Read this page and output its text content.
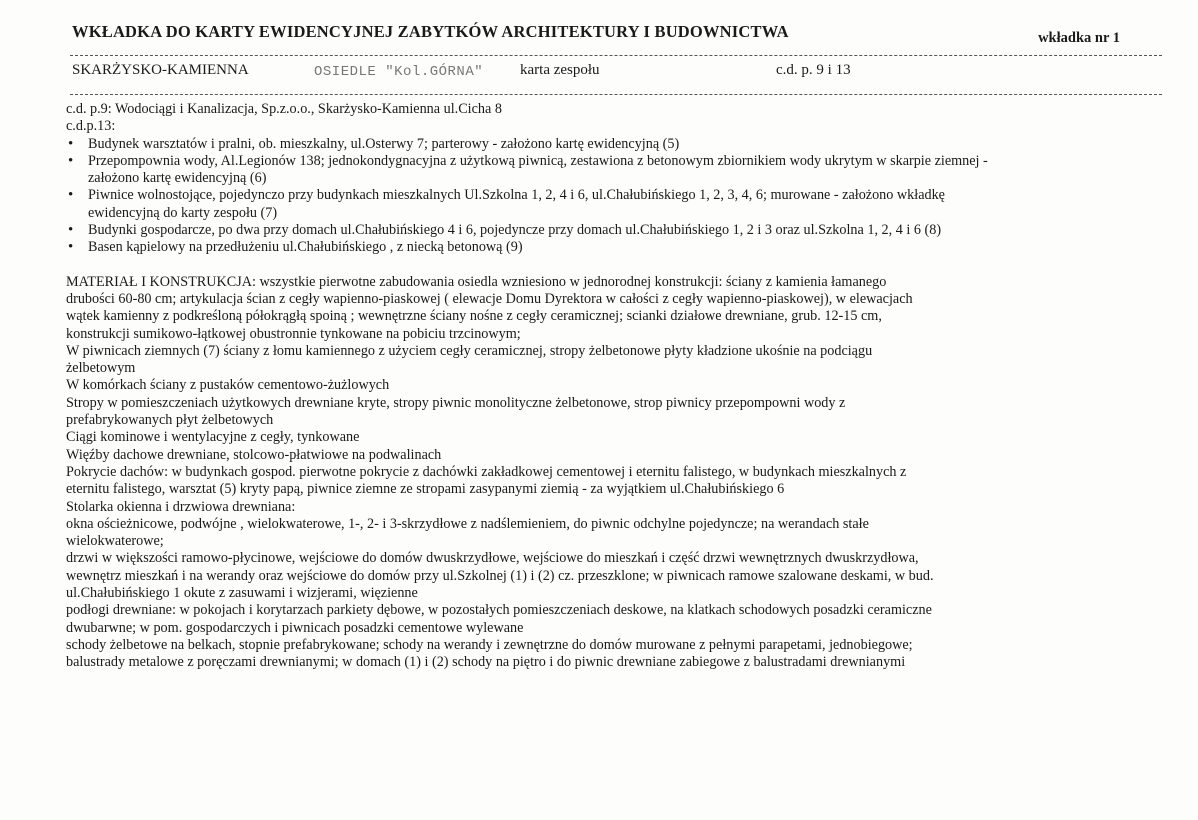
WKŁADKA DO KARTY EWIDENCYJNEJ ZABYTKÓW ARCHITEKTURY I BUDOWNICTWA	wkładka nr 1
SKARŻYSKO-KAMIENNA	OSIEDLE "Kol.GÓRNA" karta zespołu	c.d. p. 9 i 13

c.d. p.9: Wodociągi i Kanalizacja, Sp.z.o.o., Skarżysko-Kamienna ul.Cicha 8

c.d.p.13:

• Budynek warsztatów i pralni, ob. mieszkalny, ul.Osterwy 7; parterowy - założono kartę ewidencyjną (5)
• Przepompownia wody, Al.Legionów 138; jednokondygnacyjna z użytkową piwnicą, zestawiona z betonowym zbiornikiem wody ukrytym w skarpie ziemnej -
założono kartę ewidencyjną (6)
• Piwnice wolnostojące, pojedynczo przy budynkach mieszkalnych Ul.Szkolna 1, 2, 4 i 6, ul.Chałubińskiego 1, 2, 3, 4, 6; murowane - założono wkładkę
ewidencyjną do karty zespołu (7)
• Budynki gospodarcze, po dwa przy domach ul.Chałubińskiego 4 i 6, pojedyncze przy domach ul.Chałubińskiego 1, 2 i 3 oraz ul.Szkolna 1, 2, 4 i 6 (8)
• Basen kąpielowy na przedłużeniu ul.Chałubińskiego , z niecką betonową (9)

MATERIAŁ I KONSTRUKCJA: wszystkie pierwotne zabudowania osiedla wzniesiono w jednorodnej konstrukcji: ściany z kamienia łamanego

drubości 60-80 cm; artykulacja ścian z cegły wapienno-piaskowej ( elewacje Domu Dyrektora w całości z cegły wapienno-piaskowej), w elewacjach

wątek kamienny z podkreśloną półokrągłą spoiną ; wewnętrzne ściany nośne z cegły ceramicznej; scianki działowe drewniane, grub. 12-15 cm,

konstrukcji sumikowo-łątkowej obustronnie tynkowane na pobiciu trzcinowym;

W piwnicach ziemnych (7) ściany z łomu kamiennego z użyciem cegły ceramicznej, stropy żelbetonowe płyty kładzione ukośnie na podciągu

żelbetowym

W komórkach ściany z pustaków cementowo-żużlowych

Stropy w pomieszczeniach użytkowych drewniane kryte, stropy piwnic monolityczne żelbetonowe, strop piwnicy przepompowni wody z

prefabrykowanych płyt żelbetowych

Ciągi kominowe i wentylacyjne z cegły, tynkowane

Więźby dachowe drewniane, stolcowo-płatwiowe na podwalinach

Pokrycie dachów: w budynkach gospod. pierwotne pokrycie z dachówki zakładkowej cementowej i eternitu falistego, w budynkach mieszkalnych z

eternitu falistego, warsztat (5) kryty papą, piwnice ziemne ze stropami zasypanymi ziemią - za wyjątkiem ul.Chałubińskiego 6

Stolarka okienna i drzwiowa drewniana:

okna ościeżnicowe, podwójne , wielokwaterowe, 1-, 2- i 3-skrzydłowe z nadślemieniem, do piwnic odchylne pojedyncze; na werandach stałe

wielokwaterowe;

drzwi w większości ramowo-płycinowe, wejściowe do domów dwuskrzydłowe, wejściowe do mieszkań i część drzwi wewnętrznych dwuskrzydłowa,

wewnętrz mieszkań i na werandy oraz wejściowe do domów przy ul.Szkolnej (1) i (2) cz. przeszklone; w piwnicach ramowe szalowane deskami, w bud.

ul.Chałubińskiego 1 okute z zasuwami i wizjerami, więzienne

podłogi drewniane: w pokojach i korytarzach parkiety dębowe, w pozostałych pomieszczeniach deskowe, na klatkach schodowych posadzki ceramiczne

dwubarwne; w pom. gospodarczych i piwnicach posadzki cementowe wylewane

schody żelbetowe na belkach, stopnie prefabrykowane; schody na werandy i zewnętrzne do domów murowane z pełnymi parapetami, jednobiegowe;

balustrady metalowe z poręczami drewnianymi; w domach (1) i (2) schody na piętro i do piwnic drewniane zabiegowe z balustradami drewnianymi
